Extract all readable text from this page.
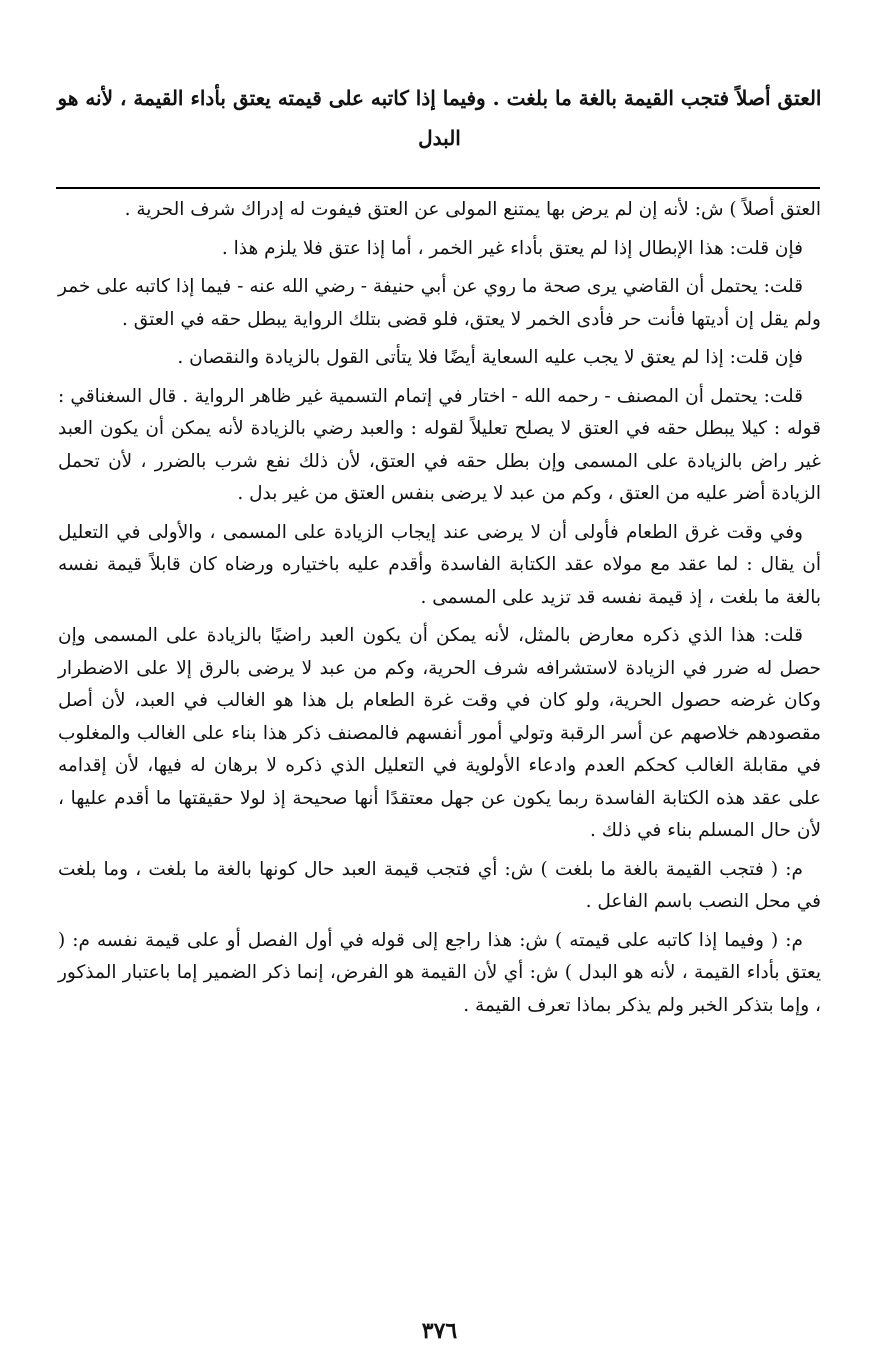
العتق أصلاً فتجب القيمة بالغة ما بلغت . وفيما إذا كاتبه على قيمته يعتق بأداء القيمة ، لأنه هو البدل

العتق أصلاً ) ش: لأنه إن لم يرض بها يمتنع المولى عن العتق فيفوت له إدراك شرف الحرية .

فإن قلت: هذا الإبطال إذا لم يعتق بأداء غير الخمر ، أما إذا عتق فلا يلزم هذا .

قلت: يحتمل أن القاضي يرى صحة ما روي عن أبي حنيفة - رضي الله عنه - فيما إذا كاتبه على خمر ولم يقل إن أديتها فأنت حر فأدى الخمر لا يعتق، فلو قضى بتلك الرواية يبطل حقه في العتق .

فإن قلت: إذا لم يعتق لا يجب عليه السعاية أيضًا فلا يتأتى القول بالزيادة والنقصان .

قلت: يحتمل أن المصنف - رحمه الله - اختار في إتمام التسمية غير ظاهر الرواية . قال السغناقي : قوله : كيلا يبطل حقه في العتق لا يصلح تعليلاً لقوله : والعبد رضي بالزيادة لأنه يمكن أن يكون العبد غير راض بالزيادة على المسمى وإن بطل حقه في العتق، لأن ذلك نفع شرب بالضرر ، لأن تحمل الزيادة أضر عليه من العتق ، وكم من عبد لا يرضى بنفس العتق من غير بدل .

وفي وقت غرق الطعام فأولى أن لا يرضى عند إيجاب الزيادة على المسمى ، والأولى في التعليل أن يقال : لما عقد مع مولاه عقد الكتابة الفاسدة وأقدم عليه باختياره ورضاه كان قابلاً قيمة نفسه بالغة ما بلغت ، إذ قيمة نفسه قد تزيد على المسمى .

قلت: هذا الذي ذكره معارض بالمثل، لأنه يمكن أن يكون العبد راضيًا بالزيادة على المسمى وإن حصل له ضرر في الزيادة لاستشرافه شرف الحرية، وكم من عبد لا يرضى بالرق إلا على الاضطرار وكان غرضه حصول الحرية، ولو كان في وقت غرة الطعام بل هذا هو الغالب في العبد، لأن أصل مقصودهم خلاصهم عن أسر الرقبة وتولي أمور أنفسهم فالمصنف ذكر هذا بناء على الغالب والمغلوب في مقابلة الغالب كحكم العدم وادعاء الأولوية في التعليل الذي ذكره لا برهان له فيها، لأن إقدامه على عقد هذه الكتابة الفاسدة ربما يكون عن جهل معتقدًا أنها صحيحة إذ لولا حقيقتها ما أقدم عليها ، لأن حال المسلم بناء في ذلك .

م: ( فتجب القيمة بالغة ما بلغت ) ش: أي فتجب قيمة العبد حال كونها بالغة ما بلغت ، وما بلغت في محل النصب باسم الفاعل .

م: ( وفيما إذا كاتبه على قيمته ) ش: هذا راجع إلى قوله في أول الفصل أو على قيمة نفسه م: ( يعتق بأداء القيمة ، لأنه هو البدل ) ش: أي لأن القيمة هو الفرض، إنما ذكر الضمير إما باعتبار المذكور ، وإما بتذكر الخبر ولم يذكر بماذا تعرف القيمة .

٣٧٦
